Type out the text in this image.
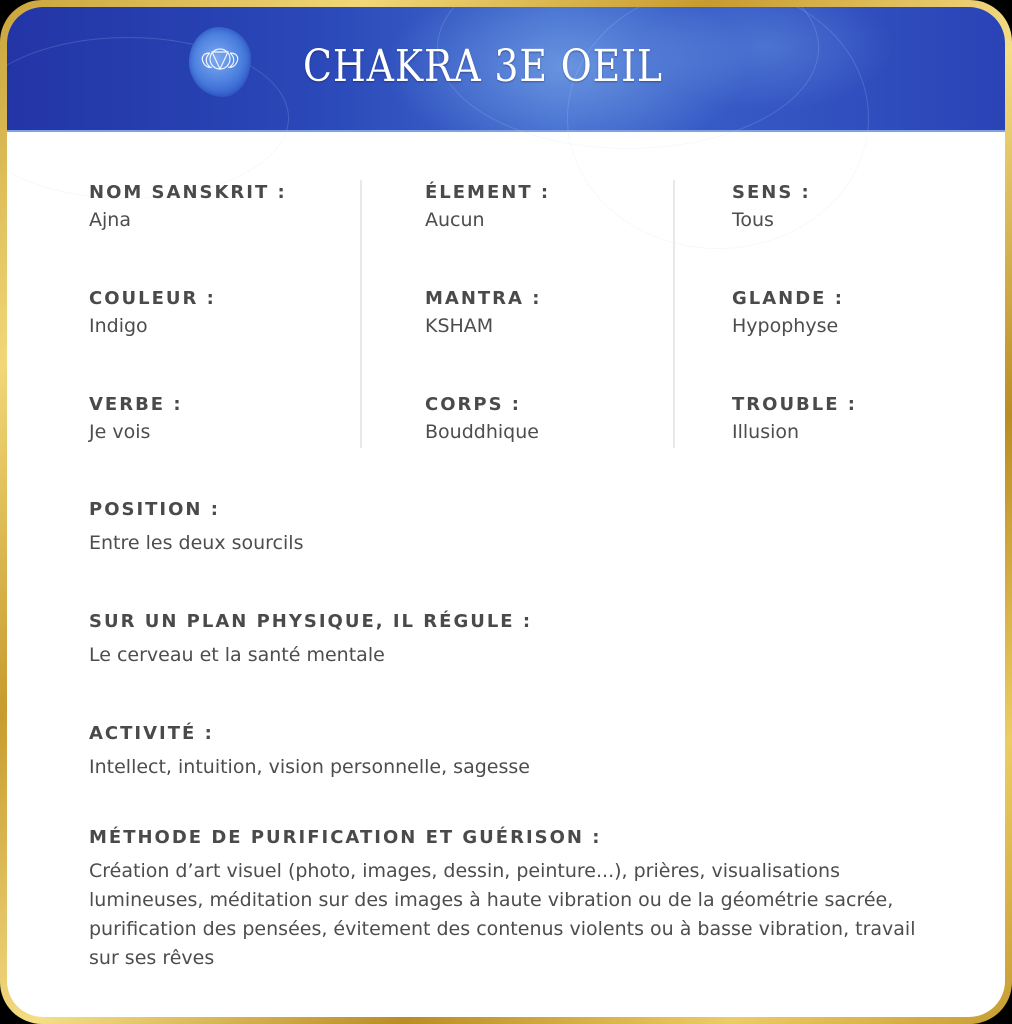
CHAKRA 3E OEIL
NOM SANSKRIT :
Ajna
ÉLEMENT :
Aucun
SENS :
Tous
COULEUR :
Indigo
MANTRA :
KSHAM
GLANDE :
Hypophyse
VERBE :
Je vois
CORPS :
Bouddhique
TROUBLE :
Illusion
POSITION :
Entre les deux sourcils
SUR UN PLAN PHYSIQUE, IL RÉGULE :
Le cerveau et la santé mentale
ACTIVITÉ :
Intellect, intuition, vision personnelle, sagesse
MÉTHODE DE PURIFICATION ET GUÉRISON :
Création d’art visuel (photo, images, dessin, peinture...), prières, visualisations lumineuses, méditation sur des images à haute vibration ou de la géométrie sacrée, purification des pensées, évitement des contenus violents ou à basse vibration, travail sur ses rêves
